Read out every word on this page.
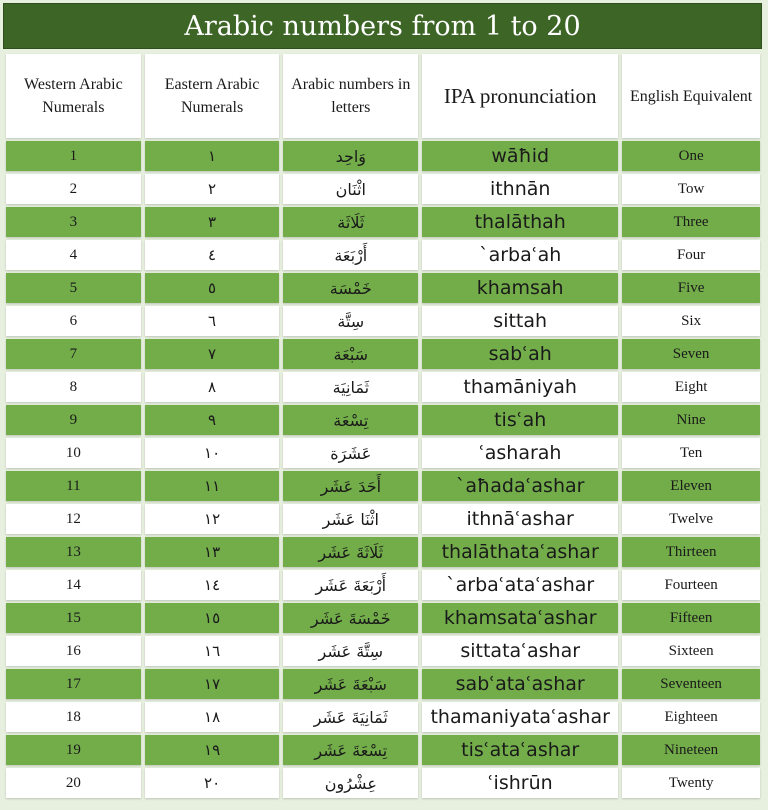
Arabic numbers from 1 to 20
Western Arabic Numerals	Eastern Arabic Numerals	Arabic numbers in letters	IPA pronunciation	English Equivalent
1	١	وَاحِد	wāħid	One
2	٢	اثْنَان	ithnān	Tow
3	٣	ثَلَاثَة	thalāthah	Three
4	٤	أَرْبَعَة	`arbaʿah	Four
5	٥	خَمْسَة	khamsah	Five
6	٦	سِتَّة	sittah	Six
7	٧	سَبْعَة	sabʿah	Seven
8	٨	ثَمَانِيَة	thamāniyah	Eight
9	٩	تِسْعَة	tisʿah	Nine
10	١٠	عَشَرَة	ʿasharah	Ten
11	١١	أَحَدَ عَشَر	`aħadaʿashar	Eleven
12	١٢	اثْنَا عَشَر	ithnāʿashar	Twelve
13	١٣	ثَلَاثَةَ عَشَر	thalāthataʿashar	Thirteen
14	١٤	أَرْبَعَةَ عَشَر	`arbaʿataʿashar	Fourteen
15	١٥	خَمْسَةَ عَشَر	khamsataʿashar	Fifteen
16	١٦	سِتَّةَ عَشَر	sittataʿashar	Sixteen
17	١٧	سَبْعَةَ عَشَر	sabʿataʿashar	Seventeen
18	١٨	ثَمَانِيَةَ عَشَر	thamaniyataʿashar	Eighteen
19	١٩	تِسْعَةَ عَشَر	tisʿataʿashar	Nineteen
20	٢٠	عِشْرُون	ʿishrūn	Twenty
